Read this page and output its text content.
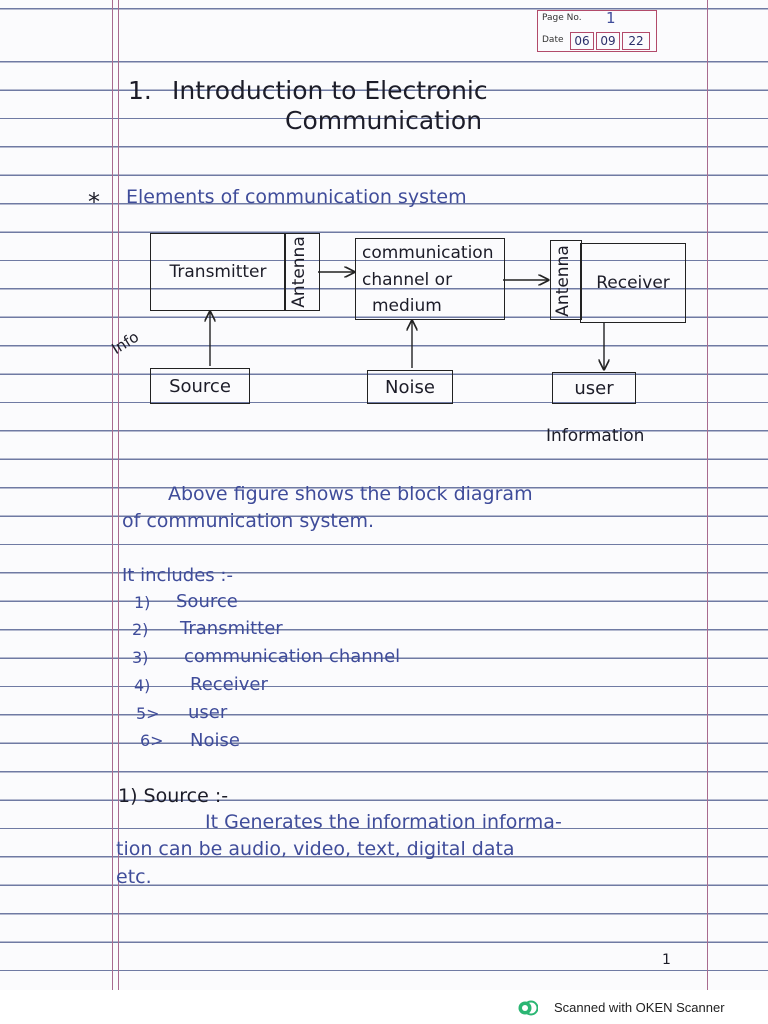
Page No. 1
Date 06 09	22
1. Introduction to Electronic
Communication
* Elements of communication system
Transmitter Antenna	communication
channel or
medium	Antenna Receiver
Source	Noise	user
Info
Information
Above figure shows the block diagram
of communication system.
It includes :-
1) Source
2) Transmitter
3) communication channel
4) Receiver
5> user
6> Noise
1) Source :-
It Generates the information informa-
tion can be audio, video, text, digital data
etc.
1
Scanned with OKEN Scanner
